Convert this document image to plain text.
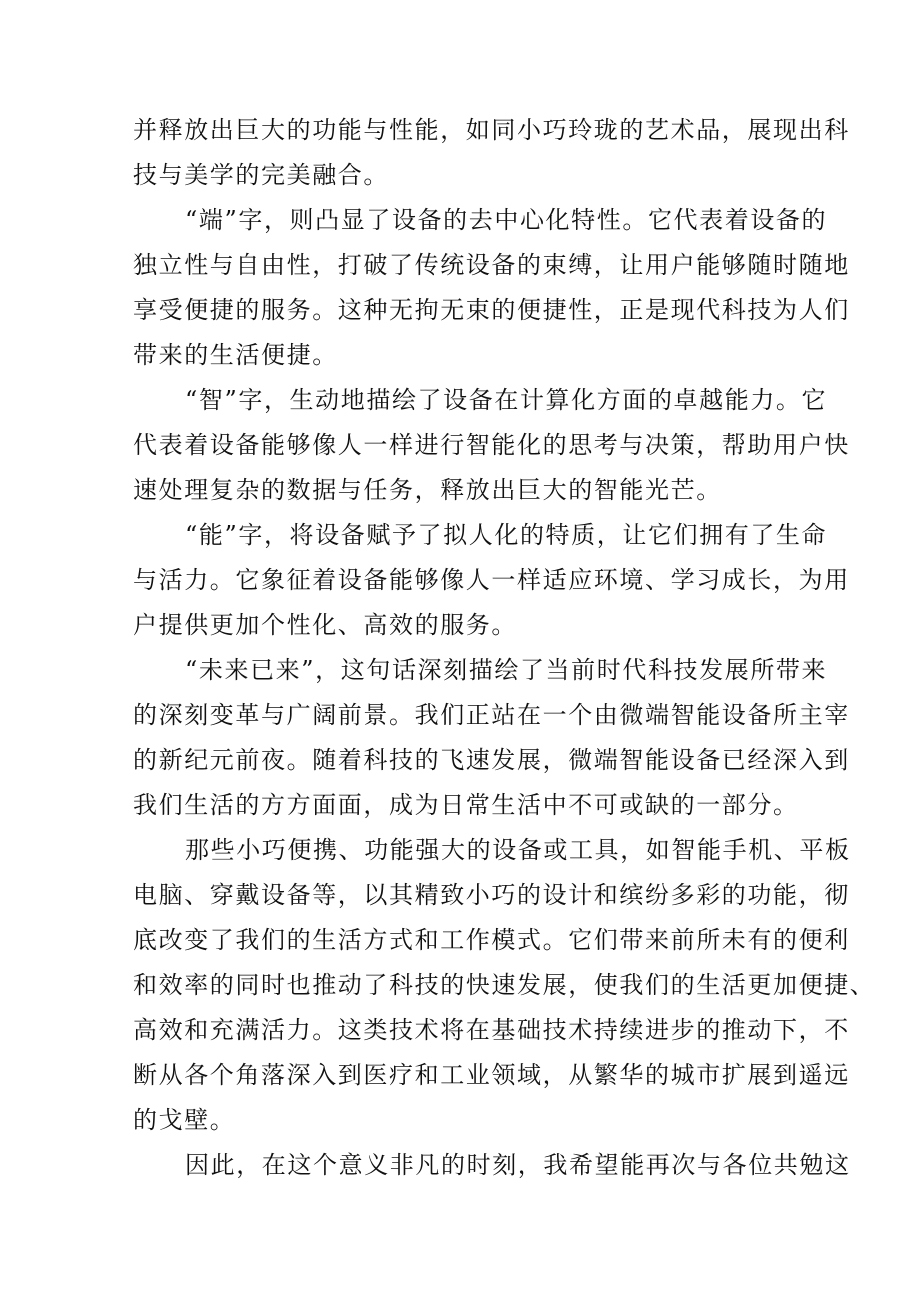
并释放出巨大的功能与性能，如同小巧玲珑的艺术品，展现出科
技与美学的完美融合。

“端”字，则凸显了设备的去中心化特性。它代表着设备的
独立性与自由性，打破了传统设备的束缚，让用户能够随时随地
享受便捷的服务。这种无拘无束的便捷性，正是现代科技为人们
带来的生活便捷。

“智”字，生动地描绘了设备在计算化方面的卓越能力。它
代表着设备能够像人一样进行智能化的思考与决策，帮助用户快
速处理复杂的数据与任务，释放出巨大的智能光芒。

“能”字，将设备赋予了拟人化的特质，让它们拥有了生命
与活力。它象征着设备能够像人一样适应环境、学习成长，为用
户提供更加个性化、高效的服务。

“未来已来”，这句话深刻描绘了当前时代科技发展所带来
的深刻变革与广阔前景。我们正站在一个由微端智能设备所主宰
的新纪元前夜。随着科技的飞速发展，微端智能设备已经深入到
我们生活的方方面面，成为日常生活中不可或缺的一部分。

那些小巧便携、功能强大的设备或工具，如智能手机、平板
电脑、穿戴设备等，以其精致小巧的设计和缤纷多彩的功能，彻
底改变了我们的生活方式和工作模式。它们带来前所未有的便利
和效率的同时也推动了科技的快速发展，使我们的生活更加便捷、
高效和充满活力。这类技术将在基础技术持续进步的推动下，不
断从各个角落深入到医疗和工业领域，从繁华的城市扩展到遥远
的戈壁。

因此，在这个意义非凡的时刻，我希望能再次与各位共勉这
